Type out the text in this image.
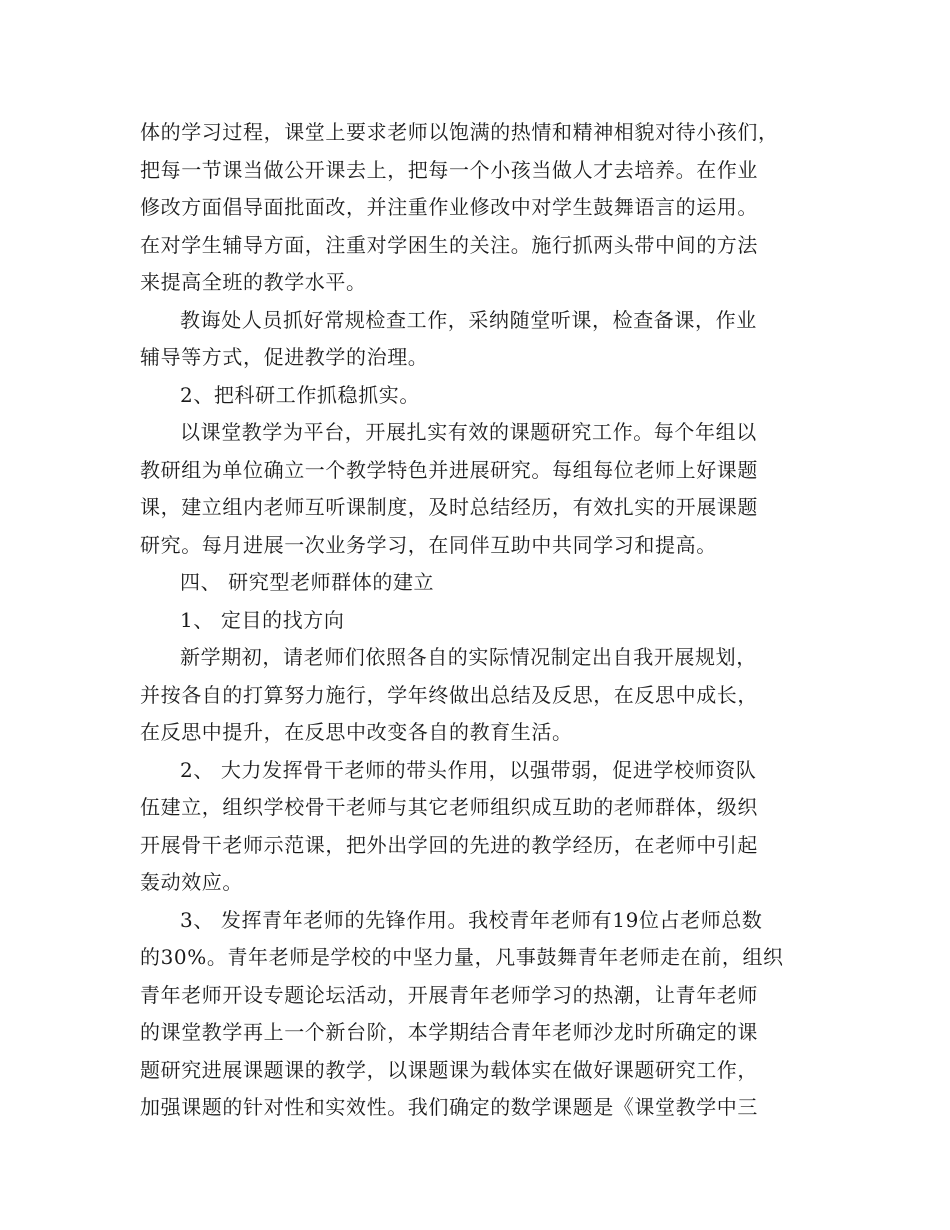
体的学习过程，课堂上要求老师以饱满的热情和精神相貌对待小孩们，
把每一节课当做公开课去上，把每一个小孩当做人才去培养。在作业
修改方面倡导面批面改，并注重作业修改中对学生鼓舞语言的运用。
在对学生辅导方面，注重对学困生的关注。施行抓两头带中间的方法
来提高全班的教学水平。
教诲处人员抓好常规检查工作，采纳随堂听课，检查备课，作业
辅导等方式，促进教学的治理。
2、把科研工作抓稳抓实。
以课堂教学为平台，开展扎实有效的课题研究工作。每个年组以
教研组为单位确立一个教学特色并进展研究。每组每位老师上好课题
课，建立组内老师互听课制度，及时总结经历，有效扎实的开展课题
研究。每月进展一次业务学习，在同伴互助中共同学习和提高。
四、 研究型老师群体的建立
1、 定目的找方向
新学期初，请老师们依照各自的实际情况制定出自我开展规划，
并按各自的打算努力施行，学年终做出总结及反思，在反思中成长，
在反思中提升，在反思中改变各自的教育生活。
2、 大力发挥骨干老师的带头作用，以强带弱，促进学校师资队
伍建立，组织学校骨干老师与其它老师组织成互助的老师群体，级织
开展骨干老师示范课，把外出学回的先进的教学经历，在老师中引起
轰动效应。
3、 发挥青年老师的先锋作用。我校青年老师有19位占老师总数
的30%。青年老师是学校的中坚力量，凡事鼓舞青年老师走在前，组织
青年老师开设专题论坛活动，开展青年老师学习的热潮，让青年老师
的课堂教学再上一个新台阶，本学期结合青年老师沙龙时所确定的课
题研究进展课题课的教学，以课题课为载体实在做好课题研究工作，
加强课题的针对性和实效性。我们确定的数学课题是《课堂教学中三
